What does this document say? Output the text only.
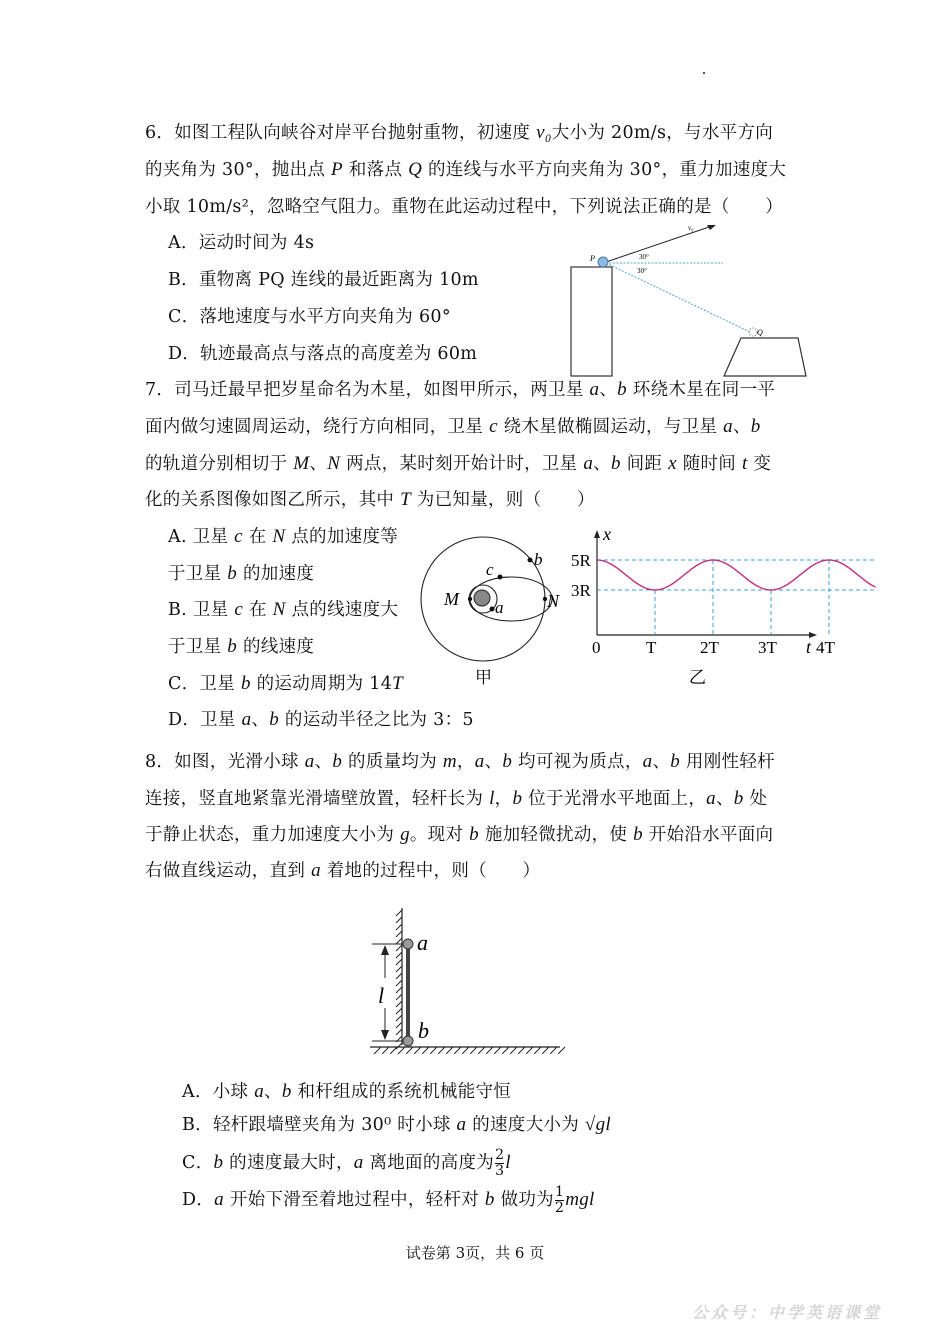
6．如图工程队向峡谷对岸平台抛射重物，初速度 v₀大小为 20m/s，与水平方向
的夹角为 30°，抛出点 P 和落点 Q 的连线与水平方向夹角为 30°，重力加速度大
小取 10m/s²，忽略空气阻力。重物在此运动过程中，下列说法正确的是（　　）
A．运动时间为 4s
B．重物离 PQ 连线的最近距离为 10m
C．落地速度与水平方向夹角为 60°
D．轨迹最高点与落点的高度差为 60m
v₀
30°
30°
P
Q
7．司马迁最早把岁星命名为木星，如图甲所示，两卫星 a、b 环绕木星在同一平
面内做匀速圆周运动，绕行方向相同，卫星 c 绕木星做椭圆运动，与卫星 a、b
的轨道分别相切于 M、N 两点，某时刻开始计时，卫星 a、b 间距 x 随时间 t 变
化的关系图像如图乙所示，其中 T 为已知量，则（　　）
A. 卫星 c 在 N 点的加速度等
于卫星 b 的加速度
B. 卫星 c 在 N 点的线速度大
于卫星 b 的线速度
C．卫星 b 的运动周期为 14T
D．卫星 a、b 的运动半径之比为 3：5
M	N
a
b
c
甲
5R
3R
0	T	2T 3T 4T
x
t
乙
8．如图，光滑小球 a、b 的质量均为 m，a、b 均可视为质点，a、b 用刚性轻杆
连接，竖直地紧靠光滑墙壁放置，轻杆长为 l，b 位于光滑水平地面上，a、b 处
于静止状态，重力加速度大小为 g。现对 b 施加轻微扰动，使 b 开始沿水平面向
右做直线运动，直到 a 着地的过程中，则（　　）
l
a
b
A．小球 a、b 和杆组成的系统机械能守恒
B．轻杆跟墙壁夹角为 30⁰ 时小球 a 的速度大小为 √gl
C．b 的速度最大时，a 离地面的高度为 $\frac{2}{3}$ l
D．a 开始下滑至着地过程中，轻杆对 b 做功为 $\frac{1}{2}$ mgl
试卷第 3页，共 6 页
公众号：中学英语课堂
